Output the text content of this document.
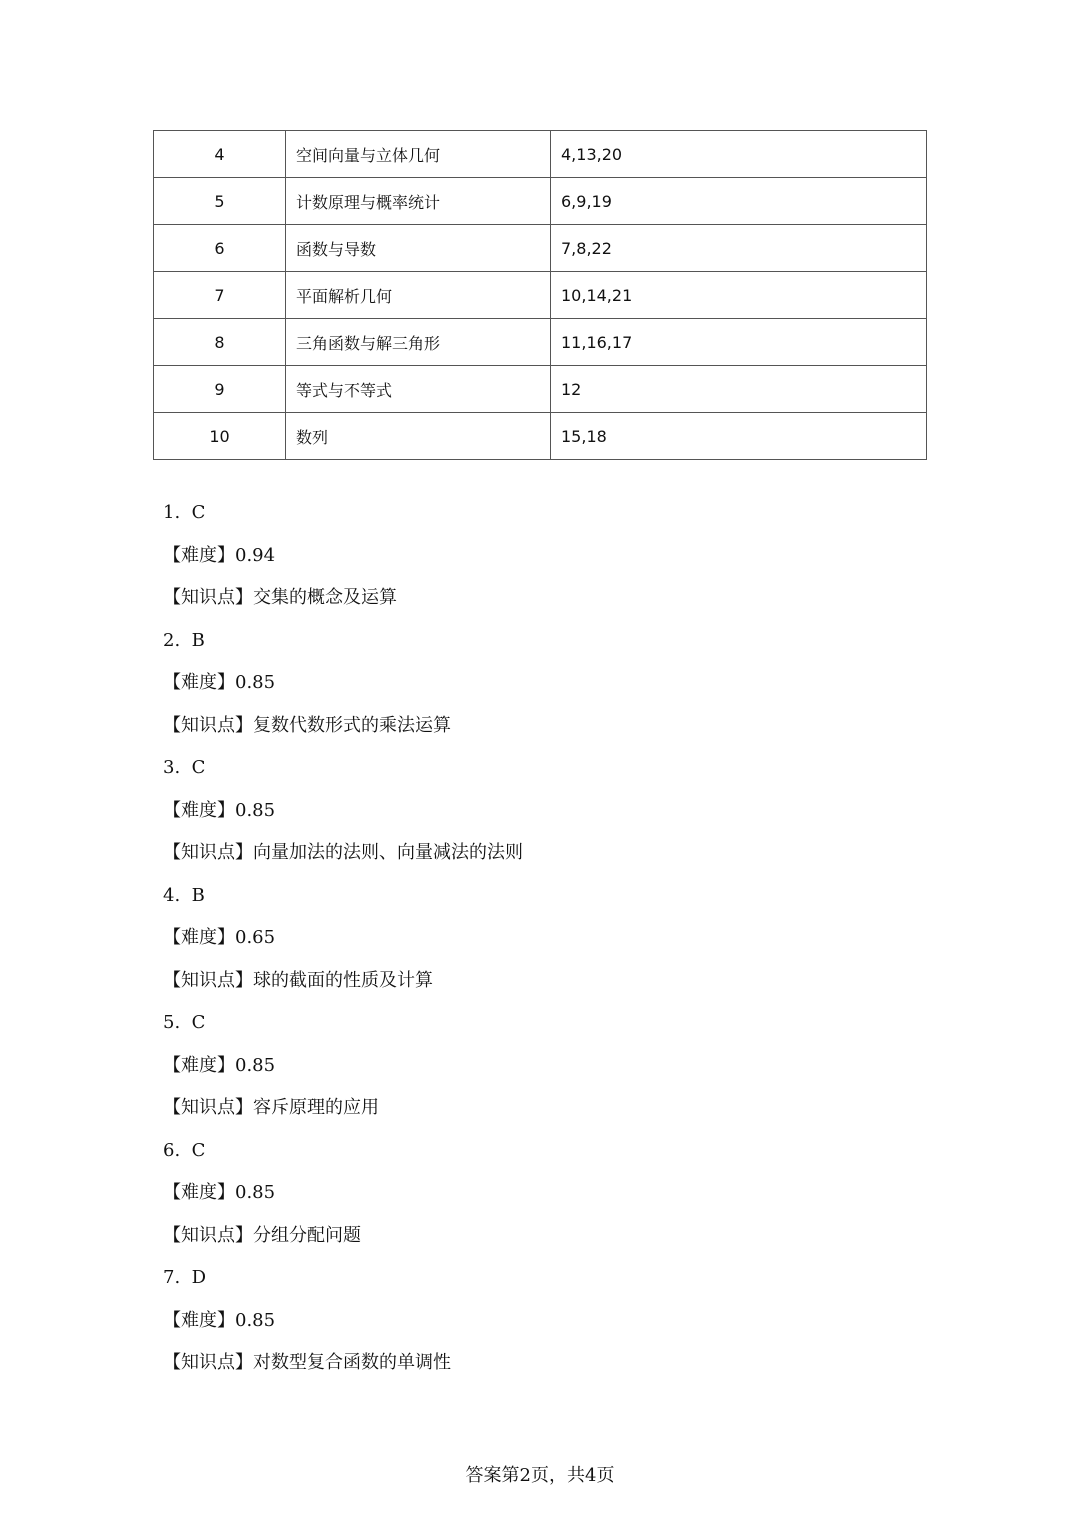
4	空间向量与立体几何	4,13,20
5	计数原理与概率统计	6,9,19
6	函数与导数	7,8,22
7	平面解析几何	10,14,21
8	三角函数与解三角形	11,16,17
9	等式与不等式	12
10	数列	15,18
1. C
【难度】0.94
【知识点】交集的概念及运算
2. B
【难度】0.85
【知识点】复数代数形式的乘法运算
3. C
【难度】0.85
【知识点】向量加法的法则、向量减法的法则
4. B
【难度】0.65
【知识点】球的截面的性质及计算
5. C
【难度】0.85
【知识点】容斥原理的应用
6. C
【难度】0.85
【知识点】分组分配问题
7. D
【难度】0.85
【知识点】对数型复合函数的单调性
答案第2页，共4页
